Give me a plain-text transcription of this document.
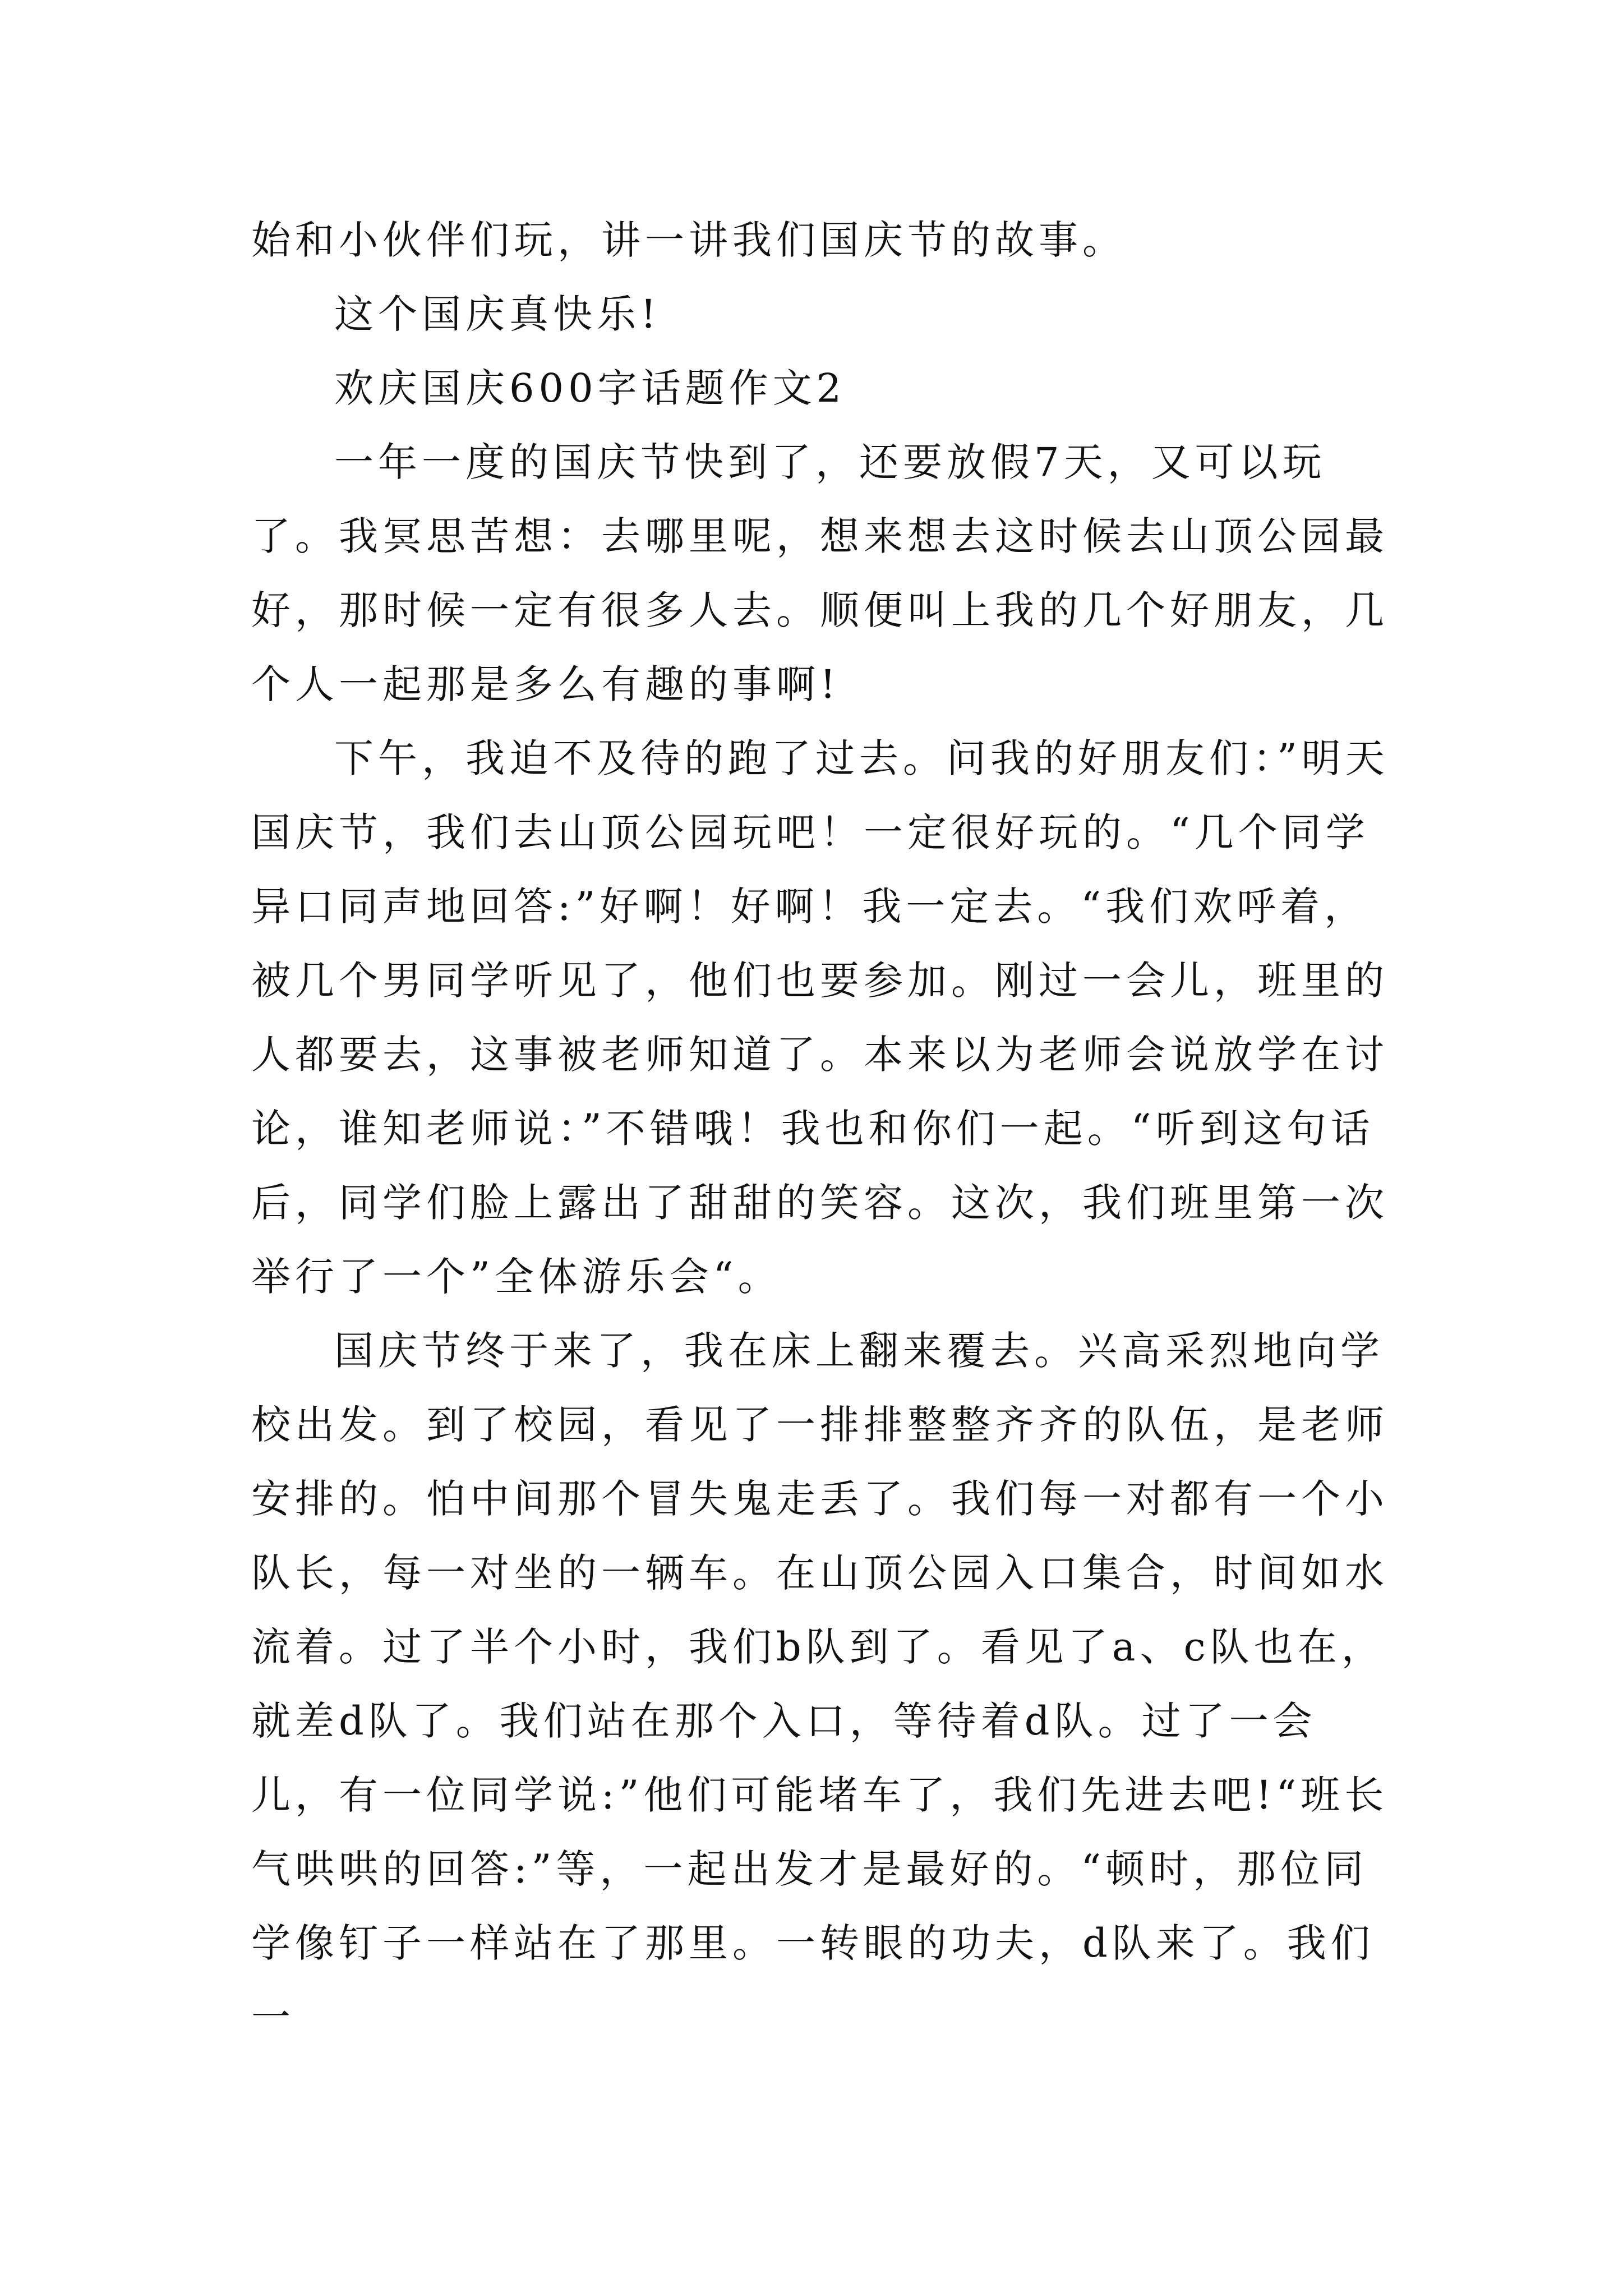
始和小伙伴们玩，讲一讲我们国庆节的故事。

这个国庆真快乐!

欢庆国庆600字话题作文2

一年一度的国庆节快到了，还要放假7天，又可以玩了。我冥思苦想：去哪里呢，想来想去这时候去山顶公园最好，那时候一定有很多人去。顺便叫上我的几个好朋友，几个人一起那是多么有趣的事啊!

下午，我迫不及待的跑了过去。问我的好朋友们：”明天国庆节，我们去山顶公园玩吧！一定很好玩的。“几个同学异口同声地回答:”好啊！好啊！我一定去。“我们欢呼着，被几个男同学听见了，他们也要参加。刚过一会儿，班里的人都要去，这事被老师知道了。本来以为老师会说放学在讨论，谁知老师说：”不错哦！我也和你们一起。“听到这句话后，同学们脸上露出了甜甜的笑容。这次，我们班里第一次举行了一个”全体游乐会“。

国庆节终于来了，我在床上翻来覆去。兴高采烈地向学校出发。到了校园，看见了一排排整整齐齐的队伍，是老师安排的。怕中间那个冒失鬼走丢了。我们每一对都有一个小队长，每一对坐的一辆车。在山顶公园入口集合，时间如水流着。过了半个小时，我们b队到了。看见了a、c队也在，就差d队了。我们站在那个入口，等待着d队。过了一会儿，有一位同学说:”他们可能堵车了，我们先进去吧!“班长气哄哄的回答:”等，一起出发才是最好的。“顿时，那位同学像钉子一样站在了那里。一转眼的功夫，d队来了。我们一
